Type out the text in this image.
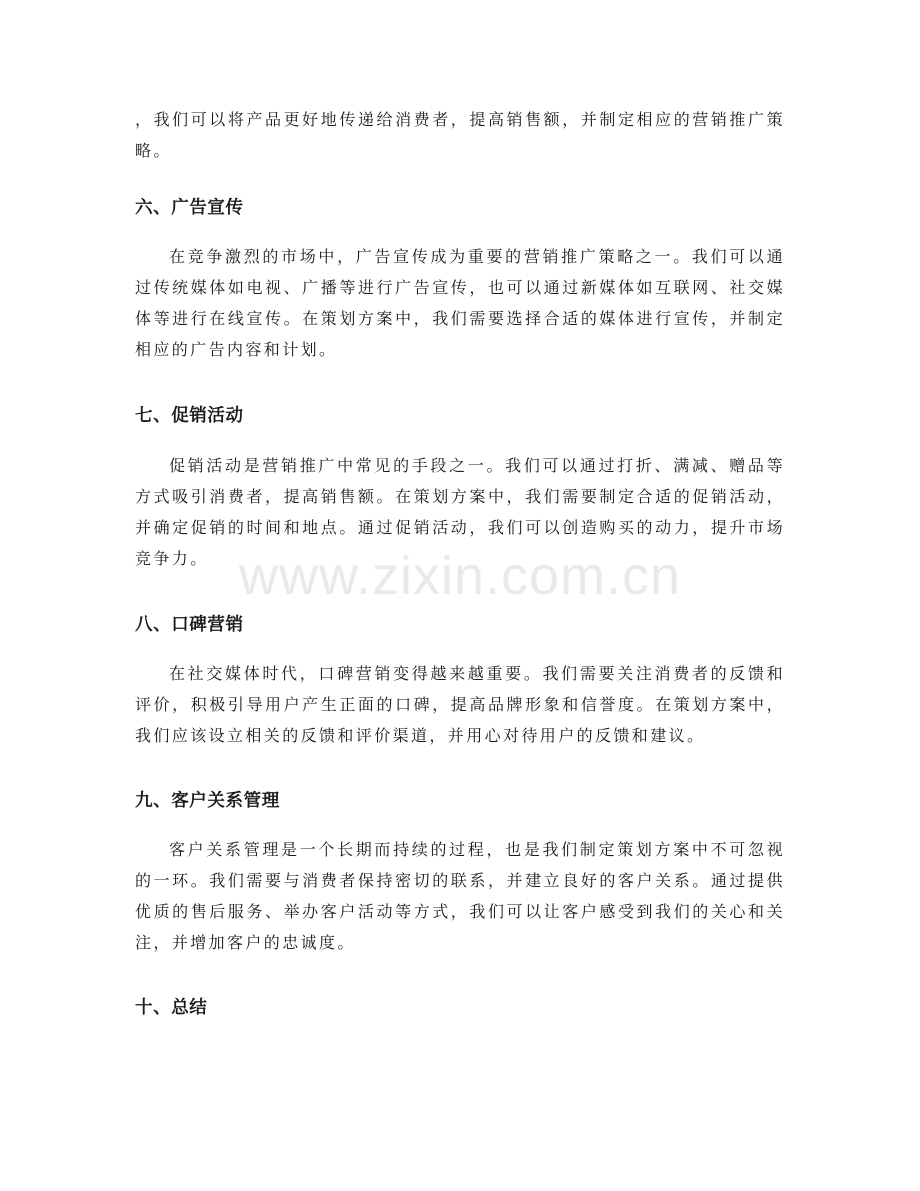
，我们可以将产品更好地传递给消费者，提高销售额，并制定相应的营销推广策略。

六、广告宣传

在竞争激烈的市场中，广告宣传成为重要的营销推广策略之一。我们可以通过传统媒体如电视、广播等进行广告宣传，也可以通过新媒体如互联网、社交媒体等进行在线宣传。在策划方案中，我们需要选择合适的媒体进行宣传，并制定相应的广告内容和计划。

七、促销活动

促销活动是营销推广中常见的手段之一。我们可以通过打折、满减、赠品等方式吸引消费者，提高销售额。在策划方案中，我们需要制定合适的促销活动，并确定促销的时间和地点。通过促销活动，我们可以创造购买的动力，提升市场竞争力。

八、口碑营销

在社交媒体时代，口碑营销变得越来越重要。我们需要关注消费者的反馈和评价，积极引导用户产生正面的口碑，提高品牌形象和信誉度。在策划方案中，我们应该设立相关的反馈和评价渠道，并用心对待用户的反馈和建议。

九、客户关系管理

客户关系管理是一个长期而持续的过程，也是我们制定策划方案中不可忽视的一环。我们需要与消费者保持密切的联系，并建立良好的客户关系。通过提供优质的售后服务、举办客户活动等方式，我们可以让客户感受到我们的关心和关注，并增加客户的忠诚度。

十、总结
www.zixin.com.cn
